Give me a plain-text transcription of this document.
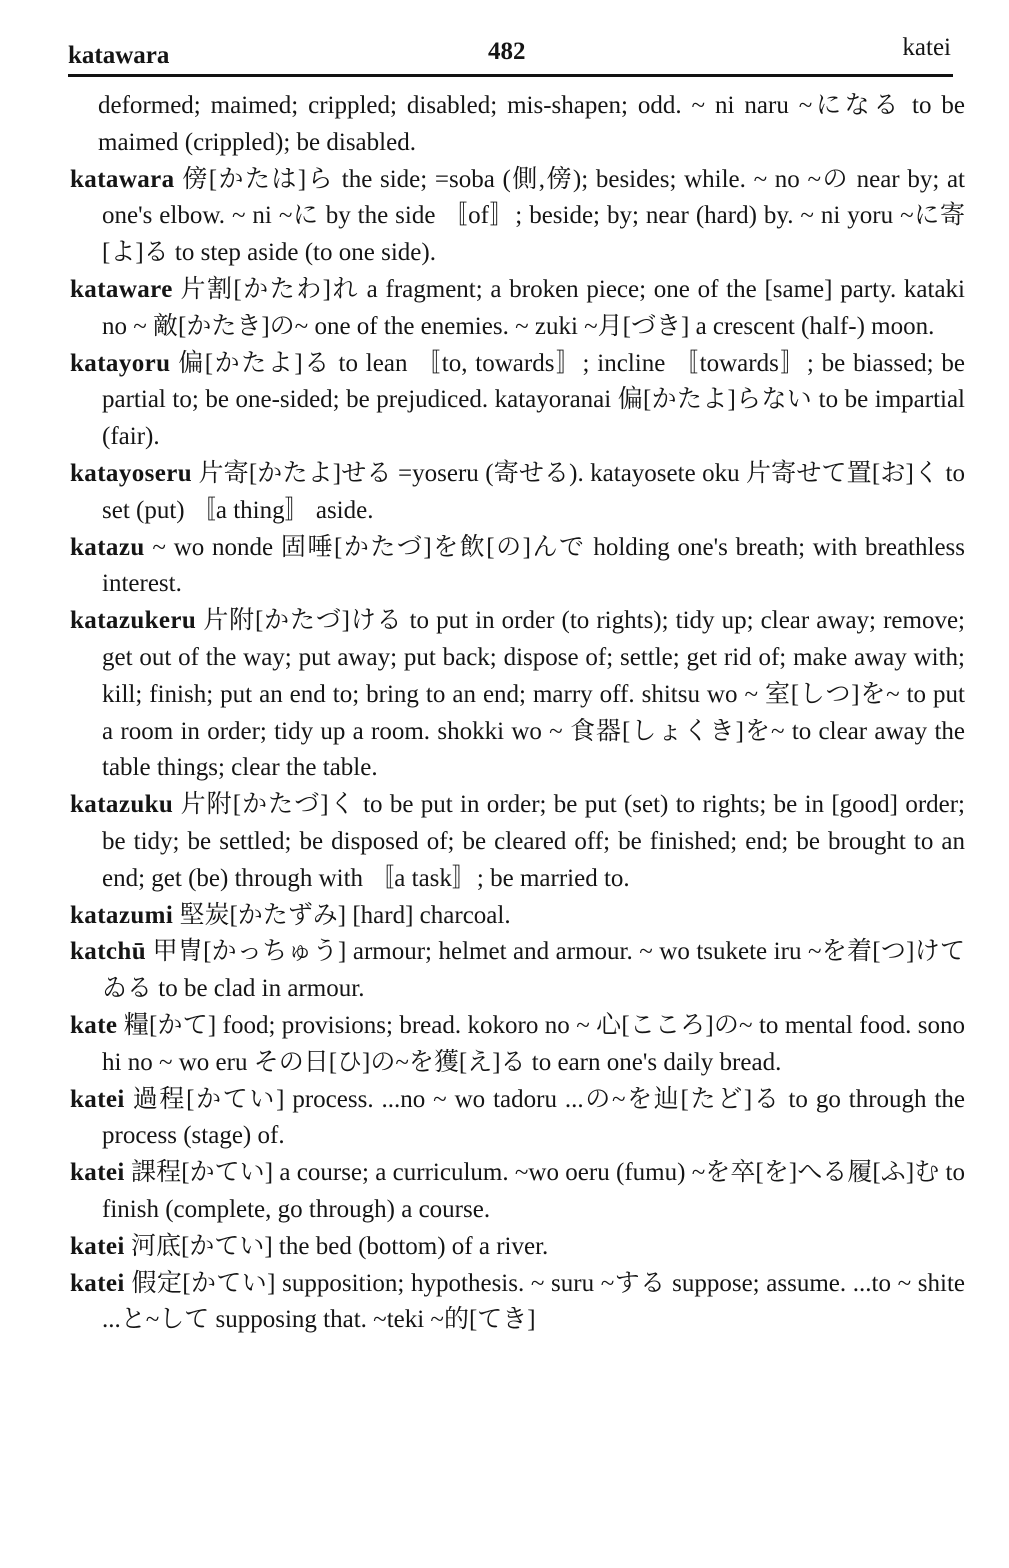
katawara	482	katei

deformed; maimed; crippled; disabled; mis-shapen; odd. ~ ni naru ~になる to be maimed (crippled); be disabled.

katawara 傍[かたは]ら the side; =soba (側,傍); besides; while. ~ no ~の near by; at one's elbow. ~ ni ~に by the side 〚of〛; beside; by; near (hard) by. ~ ni yoru ~に寄[よ]る to step aside (to one side).

kataware 片割[かたわ]れ a fragment; a broken piece; one of the [same] party. kataki no ~ 敵[かたき]の~ one of the enemies. ~ zuki ~月[づき] a crescent (half-) moon.

katayoru 偏[かたよ]る to lean 〚to, towards〛; incline 〚towards〛; be biassed; be partial to; be one-sided; be prejudiced. katayoranai 偏[かたよ]らない to be impartial (fair).

katayoseru 片寄[かたよ]せる =yoseru (寄せる). katayosete oku 片寄せて置[お]く to set (put) 〚a thing〛 aside.

katazu ~ wo nonde 固唾[かたづ]を飲[の]んで holding one's breath; with breathless interest.

katazukeru 片附[かたづ]ける to put in order (to rights); tidy up; clear away; remove; get out of the way; put away; put back; dispose of; settle; get rid of; make away with; kill; finish; put an end to; bring to an end; marry off. shitsu wo ~ 室[しつ]を~ to put a room in order; tidy up a room. shokki wo ~ 食器[しょくき]を~ to clear away the table things; clear the table.

katazuku 片附[かたづ]く to be put in order; be put (set) to rights; be in [good] order; be tidy; be settled; be disposed of; be cleared off; be finished; end; be brought to an end; get (be) through with 〚a task〛; be married to.

katazumi 堅炭[かたずみ] [hard] charcoal.

katchū 甲冑[かっちゅう] armour; helmet and armour. ~ wo tsukete iru ~を着[つ]けてゐる to be clad in armour.

kate 糧[かて] food; provisions; bread. kokoro no ~ 心[こころ]の~ to mental food. sono hi no ~ wo eru その日[ひ]の~を獲[え]る to earn one's daily bread.

katei 過程[かてい] process. ...no ~ wo tadoru ...の~を辿[たど]る to go through the process (stage) of.

katei 課程[かてい] a course; a curriculum. ~wo oeru (fumu) ~を卒[を]へる履[ふ]む to finish (complete, go through) a course.

katei 河底[かてい] the bed (bottom) of a river.

katei 假定[かてい] supposition; hypothesis. ~ suru ~する suppose; assume. ...to ~ shite ...と~して supposing that. ~teki ~的[てき]
